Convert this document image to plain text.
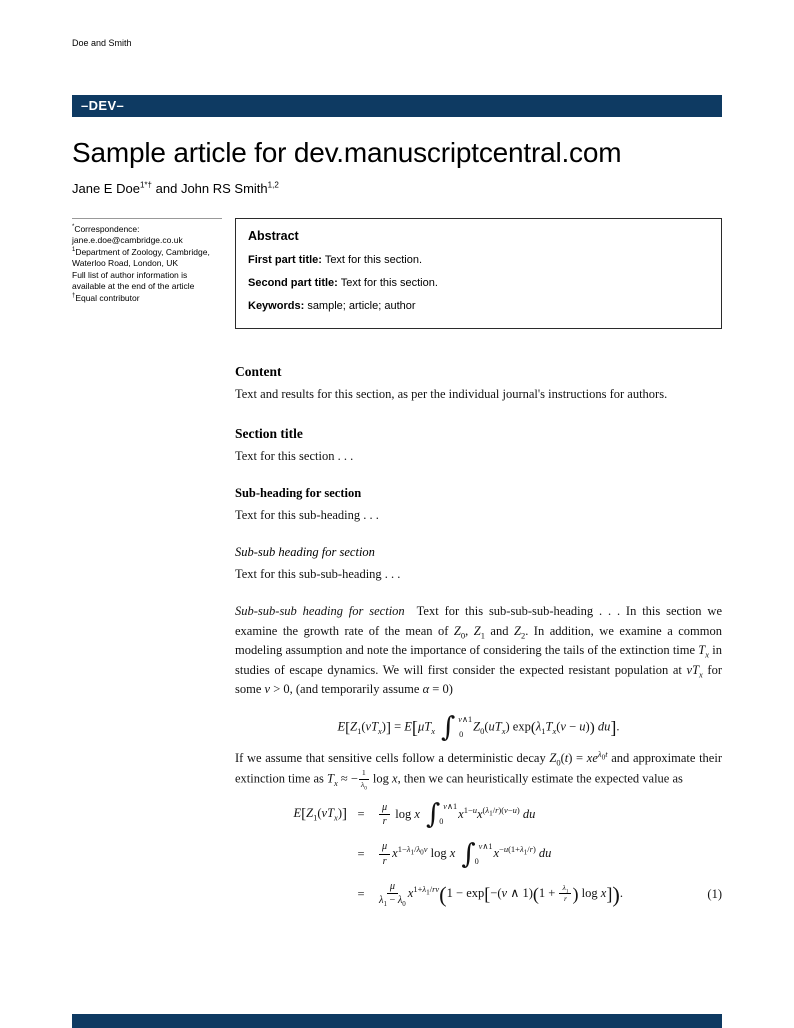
Doe and Smith
–DEV–
Sample article for dev.manuscriptcentral.com
Jane E Doe$^{1*\dagger}$ and John RS Smith$^{1,2}$
*Correspondence:
jane.e.doe@cambridge.co.uk
$^1$Department of Zoology, Cambridge, Waterloo Road, London, UK
Full list of author information is available at the end of the article
†Equal contributor
Abstract

First part title: Text for this section.

Second part title: Text for this section.

Keywords: sample; article; author

Content

Text and results for this section, as per the individual journal's instructions for authors.

Section title

Text for this section . . .

Sub-heading for section

Text for this sub-heading . . .

Sub-sub heading for section

Text for this sub-sub-heading . . .

Sub-sub-sub heading for section Text for this sub-sub-sub-heading . . . In this section we examine the growth rate of the mean of $Z_0$, $Z_1$ and $Z_2$. In addition, we examine a common modeling assumption and note the importance of considering the tails of the extinction time $T_x$ in studies of escape dynamics. We will first consider the expected resistant population at $vT_x$ for some v > 0, (and temporarily assume α = 0)

$E[Z_1(vT_x)] = E[\mu T_x$ ∫ v∧1
0
$Z_0(uT_x) \exp(\lambda_1T_x(v - u))$ du].

If we assume that sensitive cells follow a deterministic decay $Z_0(t) = xe^{\lambda_0t}$ and approximate their extinction time as $T_x$ ≈ − $\frac{1}{\lambda_0}$ log x, then we can heuristically estimate the expected value as

$E[Z_1(vT_x)]$ =	$\frac{\mu}{r}$ log x ∫ v∧1
0
$x^{1-u}x^{(\lambda_1/r)(v-u)}$ du
=	$\frac{\mu}{r} x^{1-\lambda_1/\lambda_0v}$ log x ∫ v∧1
0
$x^{-u(1+\lambda_1/r)}$ du
=	$\frac{\mu}{\lambda_1 - \lambda_0} x^{1+\lambda_1/rv}(1 - \exp[-(v$ ∧ $1)(1 + \frac{\lambda_1}{r}$ ) log x]).	(1)
